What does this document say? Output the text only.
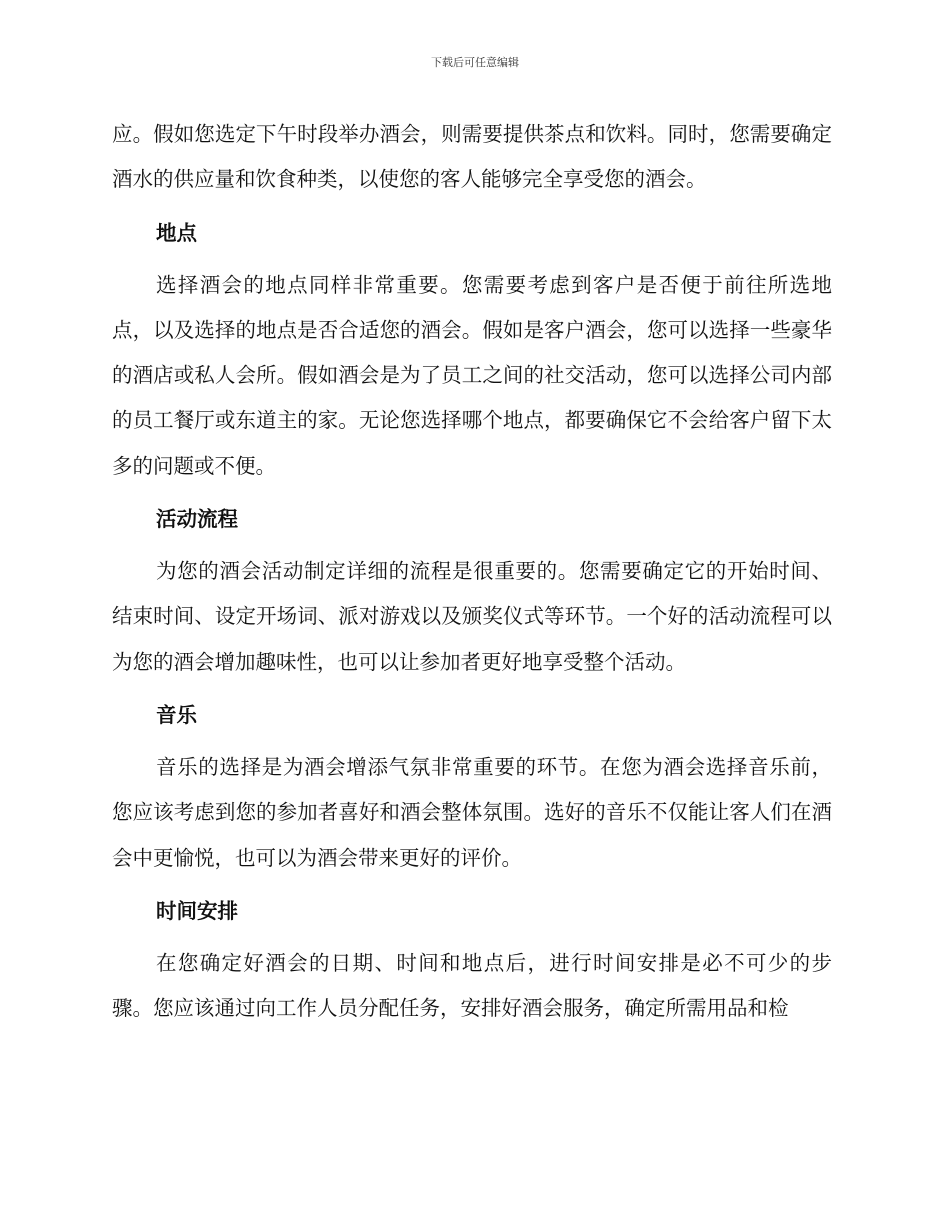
下载后可任意编辑

应。假如您选定下午时段举办酒会，则需要提供茶点和饮料。同时，您需要确定酒水的供应量和饮食种类，以使您的客人能够完全享受您的酒会。

地点

选择酒会的地点同样非常重要。您需要考虑到客户是否便于前往所选地点，以及选择的地点是否合适您的酒会。假如是客户酒会，您可以选择一些豪华的酒店或私人会所。假如酒会是为了员工之间的社交活动，您可以选择公司内部的员工餐厅或东道主的家。无论您选择哪个地点，都要确保它不会给客户留下太多的问题或不便。

活动流程

为您的酒会活动制定详细的流程是很重要的。您需要确定它的开始时间、结束时间、设定开场词、派对游戏以及颁奖仪式等环节。一个好的活动流程可以为您的酒会增加趣味性，也可以让参加者更好地享受整个活动。

音乐

音乐的选择是为酒会增添气氛非常重要的环节。在您为酒会选择音乐前，您应该考虑到您的参加者喜好和酒会整体氛围。选好的音乐不仅能让客人们在酒会中更愉悦，也可以为酒会带来更好的评价。

时间安排

在您确定好酒会的日期、时间和地点后，进行时间安排是必不可少的步骤。您应该通过向工作人员分配任务，安排好酒会服务，确定所需用品和检
